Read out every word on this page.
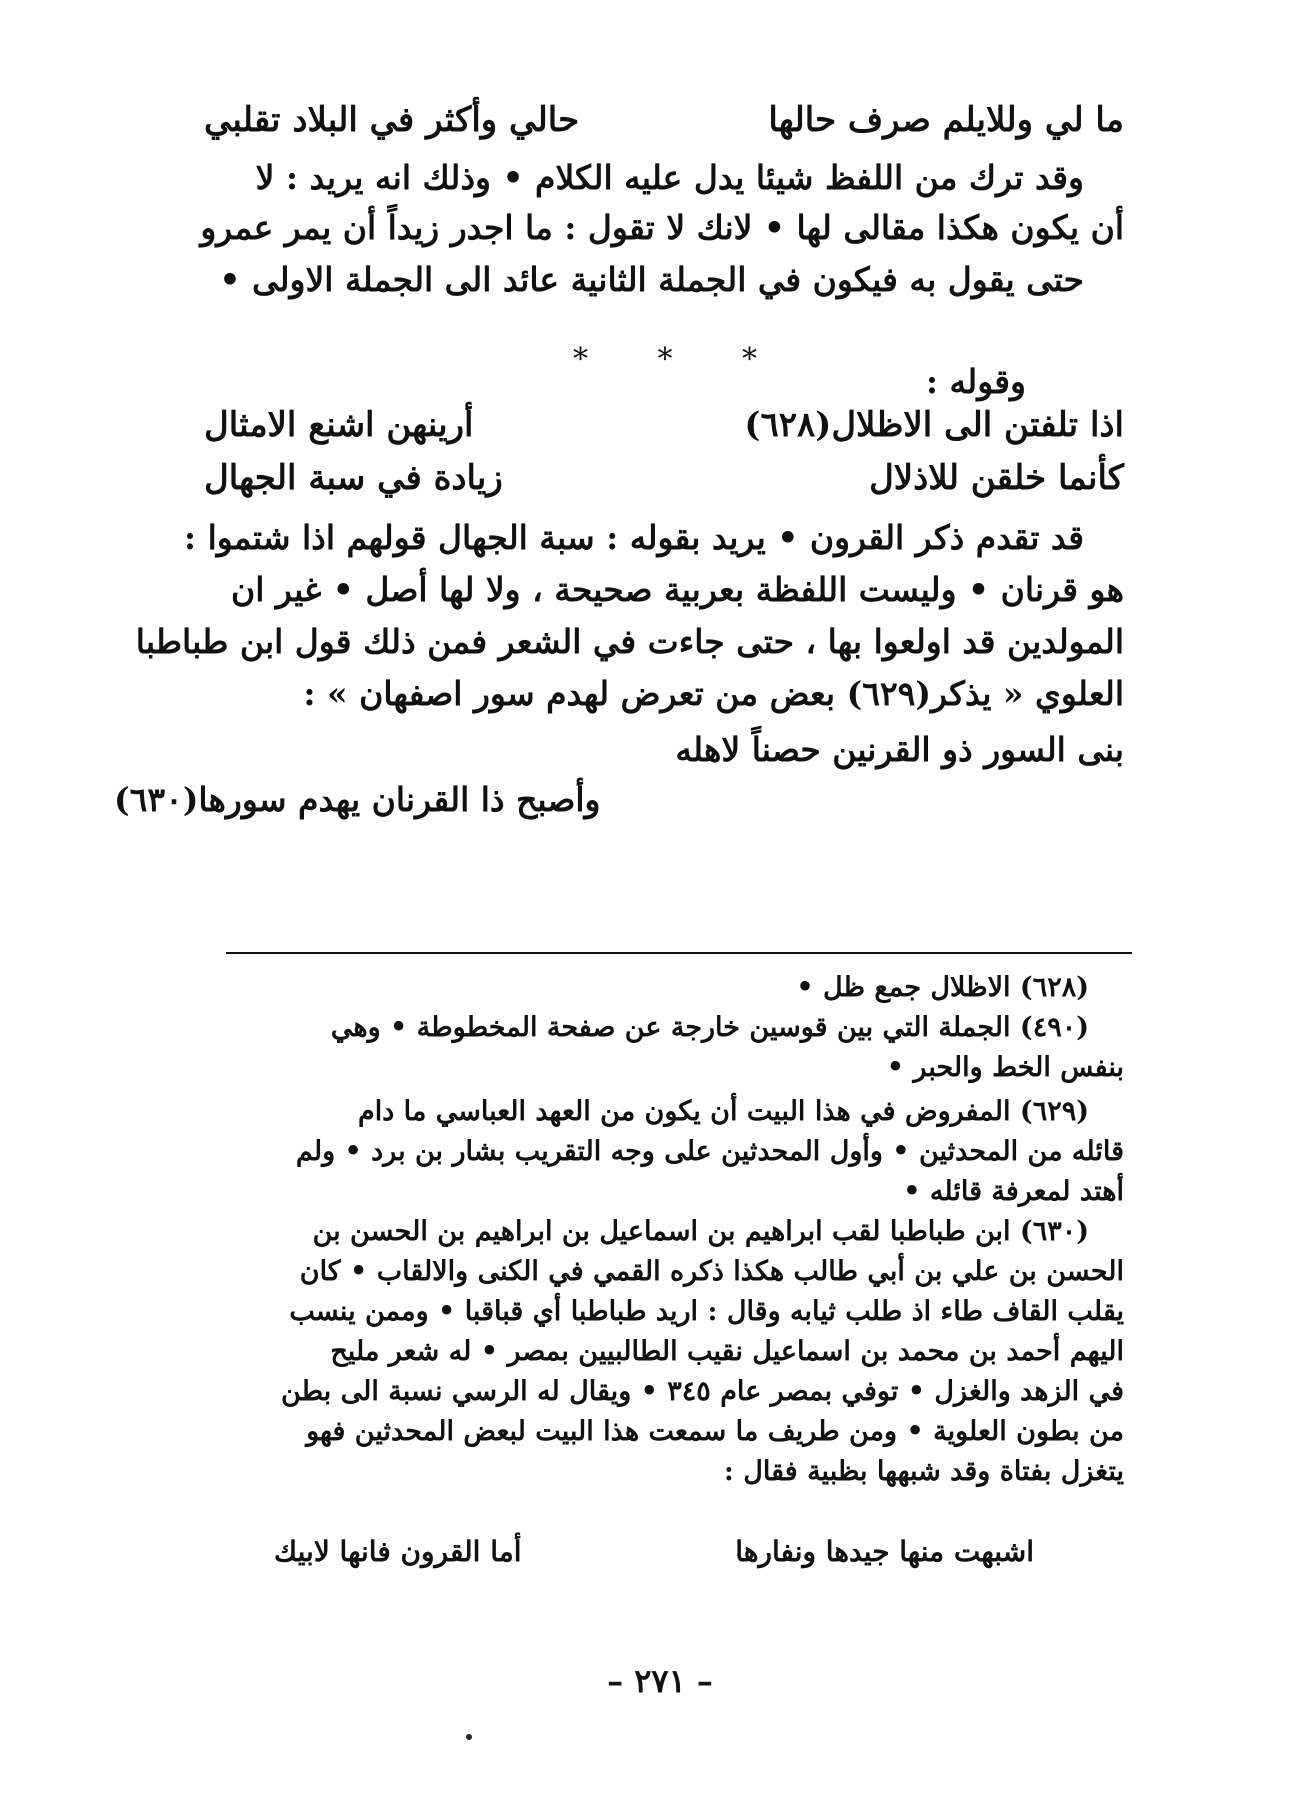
ما لي وللايلم صرف حالها
حالي وأكثر في البلاد تقلبي
وقد ترك من اللفظ شيئا يدل عليه الكلام • وذلك انه يريد : لا
أن يكون هكذا مقالى لها • لانك لا تقول : ما اجدر زيداً أن يمر عمرو
حتى يقول به فيكون في الجملة الثانية عائد الى الجملة الاولى •
* * *
وقوله :
اذا تلفتن الى الاظلال(٦٢٨)
أرينهن اشنع الامثال
كأنما خلقن للاذلال
زيادة في سبة الجهال
قد تقدم ذكر القرون • يريد بقوله : سبة الجهال قولهم اذا شتموا :
هو قرنان • وليست اللفظة بعربية صحيحة ، ولا لها أصل • غير ان
المولدين قد اولعوا بها ، حتى جاءت في الشعر فمن ذلك قول ابن طباطبا
العلوي « يذكر(٦٢٩) بعض من تعرض لهدم سور اصفهان » :
بنى السور ذو القرنين حصناً لاهله
وأصبح ذا القرنان يهدم سورها(٦٣٠)
(٦٢٨) الاظلال جمع ظل •
(٤٩٠) الجملة التي بين قوسين خارجة عن صفحة المخطوطة • وهي
بنفس الخط والحبر •
(٦٢٩) المفروض في هذا البيت أن يكون من العهد العباسي ما دام
قائله من المحدثين • وأول المحدثين على وجه التقريب بشار بن برد • ولم
أهتد لمعرفة قائله •
(٦٣٠) ابن طباطبا لقب ابراهيم بن اسماعيل بن ابراهيم بن الحسن بن
الحسن بن علي بن أبي طالب هكذا ذكره القمي في الكنى والالقاب • كان
يقلب القاف طاء اذ طلب ثيابه وقال : اريد طباطبا أي قباقبا • وممن ينسب
اليهم أحمد بن محمد بن اسماعيل نقيب الطالبيين بمصر • له شعر مليح
في الزهد والغزل • توفي بمصر عام ٣٤٥ • ويقال له الرسي نسبة الى بطن
من بطون العلوية • ومن طريف ما سمعت هذا البيت لبعض المحدثين فهو
يتغزل بفتاة وقد شبهها بظبية فقال :
اشبهت منها جيدها ونفارها
أما القرون فانها لابيك
– ٢٧١ –
